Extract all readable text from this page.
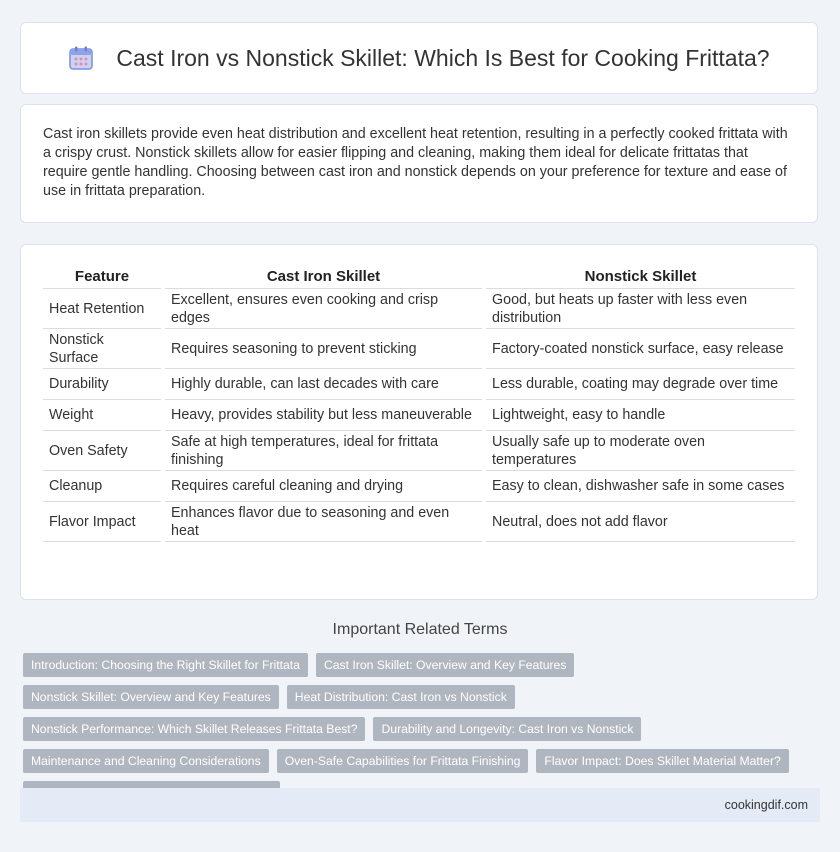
Cast Iron vs Nonstick Skillet: Which Is Best for Cooking Frittata?

Cast iron skillets provide even heat distribution and excellent heat retention, resulting in a perfectly cooked frittata with a crispy crust. Nonstick skillets allow for easier flipping and cleaning, making them ideal for delicate frittatas that require gentle handling. Choosing between cast iron and nonstick depends on your preference for texture and ease of use in frittata preparation.

Feature	Cast Iron Skillet	Nonstick Skillet
Heat Retention	Excellent, ensures even cooking and crisp edges	Good, but heats up faster with less even distribution
Nonstick Surface	Requires seasoning to prevent sticking	Factory-coated nonstick surface, easy release
Durability	Highly durable, can last decades with care	Less durable, coating may degrade over time
Weight	Heavy, provides stability but less maneuverable	Lightweight, easy to handle
Oven Safety	Safe at high temperatures, ideal for frittata finishing	Usually safe up to moderate oven temperatures
Cleanup	Requires careful cleaning and drying	Easy to clean, dishwasher safe in some cases
Flavor Impact	Enhances flavor due to seasoning and even heat	Neutral, does not add flavor
Important Related Terms
Introduction: Choosing the Right Skillet for Frittata	Cast Iron Skillet: Overview and Key Features
Nonstick Skillet: Overview and Key Features	Heat Distribution: Cast Iron vs Nonstick
Nonstick Performance: Which Skillet Releases Frittata Best?	Durability and Longevity: Cast Iron vs Nonstick
Maintenance and Cleaning Considerations	Oven-Safe Capabilities for Frittata Finishing	Flavor Impact: Does Skillet Material Matter?
cookingdif.com
